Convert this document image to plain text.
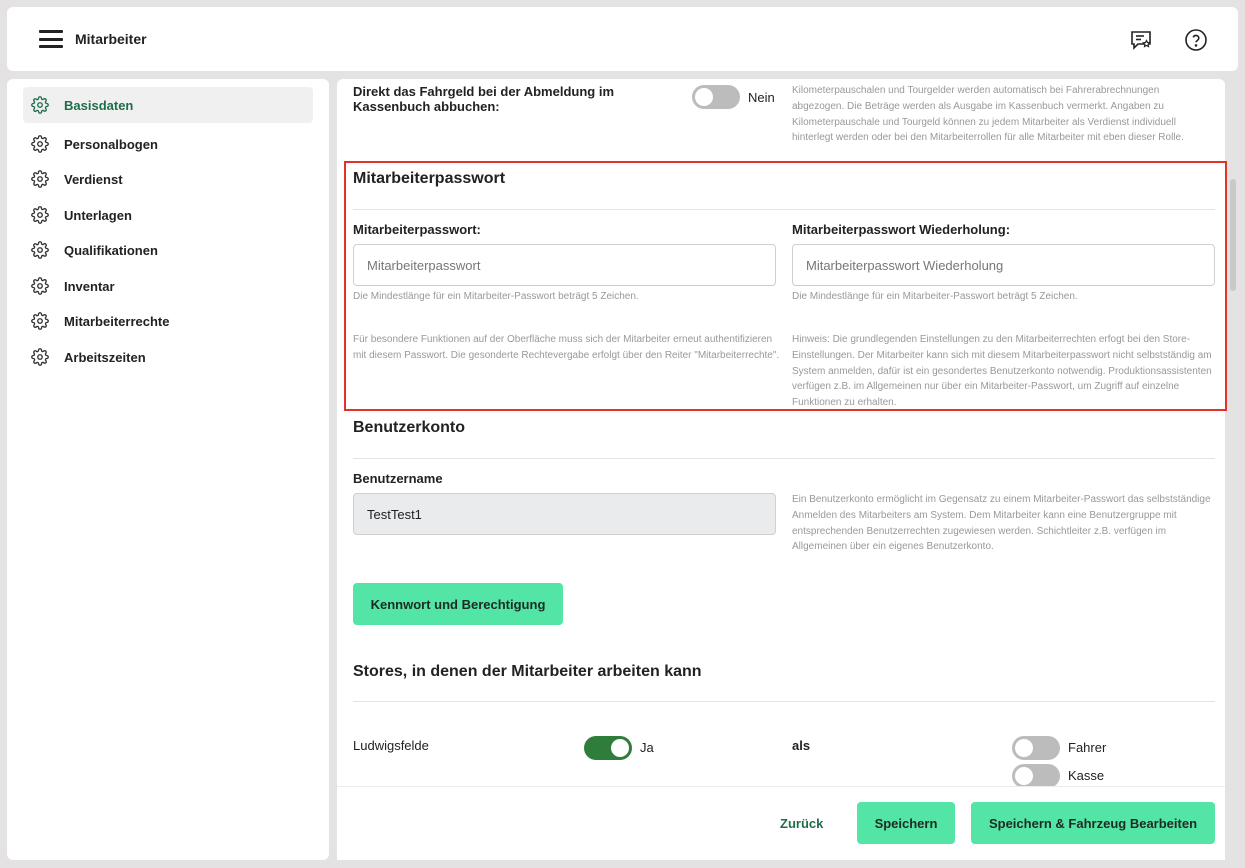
Mitarbeiter
Basisdaten
Personalbogen
Verdienst
Unterlagen
Qualifikationen
Inventar
Mitarbeiterrechte
Arbeitszeiten
Direkt das Fahrgeld bei der Abmeldung im Kassenbuch abbuchen:
Nein Kilometerpauschalen und Tourgelder werden automatisch bei Fahrerabrechnungen abgezogen. Die Beträge werden als Ausgabe im Kassenbuch vermerkt. Angaben zu Kilometerpauschale und Tourgeld können zu jedem Mitarbeiter als Verdienst individuell hinterlegt werden oder bei den Mitarbeiterrollen für alle Mitarbeiter mit eben dieser Rolle.
Mitarbeiterpasswort
Mitarbeiterpasswort:
Mitarbeiterpasswort
Die Mindestlänge für ein Mitarbeiter-Passwort beträgt 5 Zeichen.
Mitarbeiterpasswort Wiederholung:
Mitarbeiterpasswort Wiederholung
Die Mindestlänge für ein Mitarbeiter-Passwort beträgt 5 Zeichen.
Für besondere Funktionen auf der Oberfläche muss sich der Mitarbeiter erneut authentifizieren mit diesem Passwort. Die gesonderte Rechtevergabe erfolgt über den Reiter "Mitarbeiterrechte".
Hinweis: Die grundlegenden Einstellungen zu den Mitarbeiterrechten erfogt bei den Store-Einstellungen. Der Mitarbeiter kann sich mit diesem Mitarbeiterpasswort nicht selbstständig am System anmelden, dafür ist ein gesondertes Benutzerkonto notwendig. Produktionsassistenten verfügen z.B. im Allgemeinen nur über ein Mitarbeiter-Passwort, um Zugriff auf einzelne Funktionen zu erhalten.
Benutzerkonto
Benutzername
TestTest1
Ein Benutzerkonto ermöglicht im Gegensatz zu einem Mitarbeiter-Passwort das selbstständige Anmelden des Mitarbeiters am System. Dem Mitarbeiter kann eine Benutzergruppe mit entsprechenden Benutzerrechten zugewiesen werden. Schichtleiter z.B. verfügen im Allgemeinen über ein eigenes Benutzerkonto.
Kennwort und Berechtigung
Stores, in denen der Mitarbeiter arbeiten kann
Ludwigsfelde	Ja	als	Fahrer
Kasse
Zurück	Speichern	Speichern & Fahrzeug Bearbeiten
